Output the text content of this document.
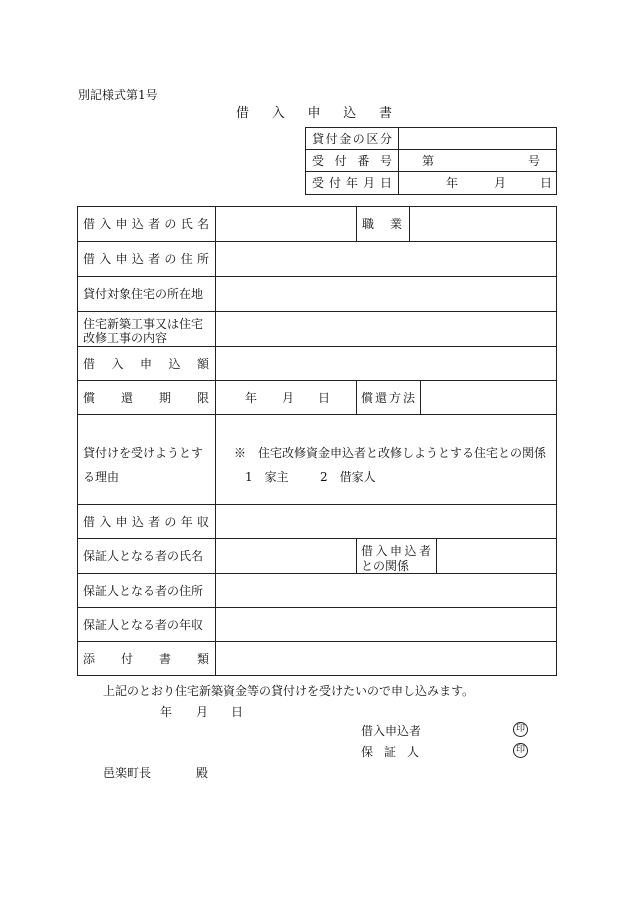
別記様式第1号
借 入 申 込 書
貸 付 金 の 区 分
受 付 番 号	第	号
受 付 年 月 日	年	月	日
借 入 申 込 者 の 氏 名	職 業
借 入 申 込 者 の 住 所
貸付対象住宅の所在地
住宅新築工事又は住宅
改修工事の内容
借 入 申 込 額
償 還 期 限	年 月 日	償 還 方 法
貸付けを受けようとす
る理由
※　住宅改修資金申込者と改修しようとする住宅との関係
1　家主	2　借家人
借 入 申 込 者 の 年 収
保証人となる者の氏名	借 入 申 込 者
との関係
保証人となる者の住所
保証人となる者の年収
添 付 書 類
上記のとおり住宅新築資金等の貸付けを受けたいので申し込みます。
年 月 日
借入申込者	印
保 証 人	印
邑楽町長	殿
